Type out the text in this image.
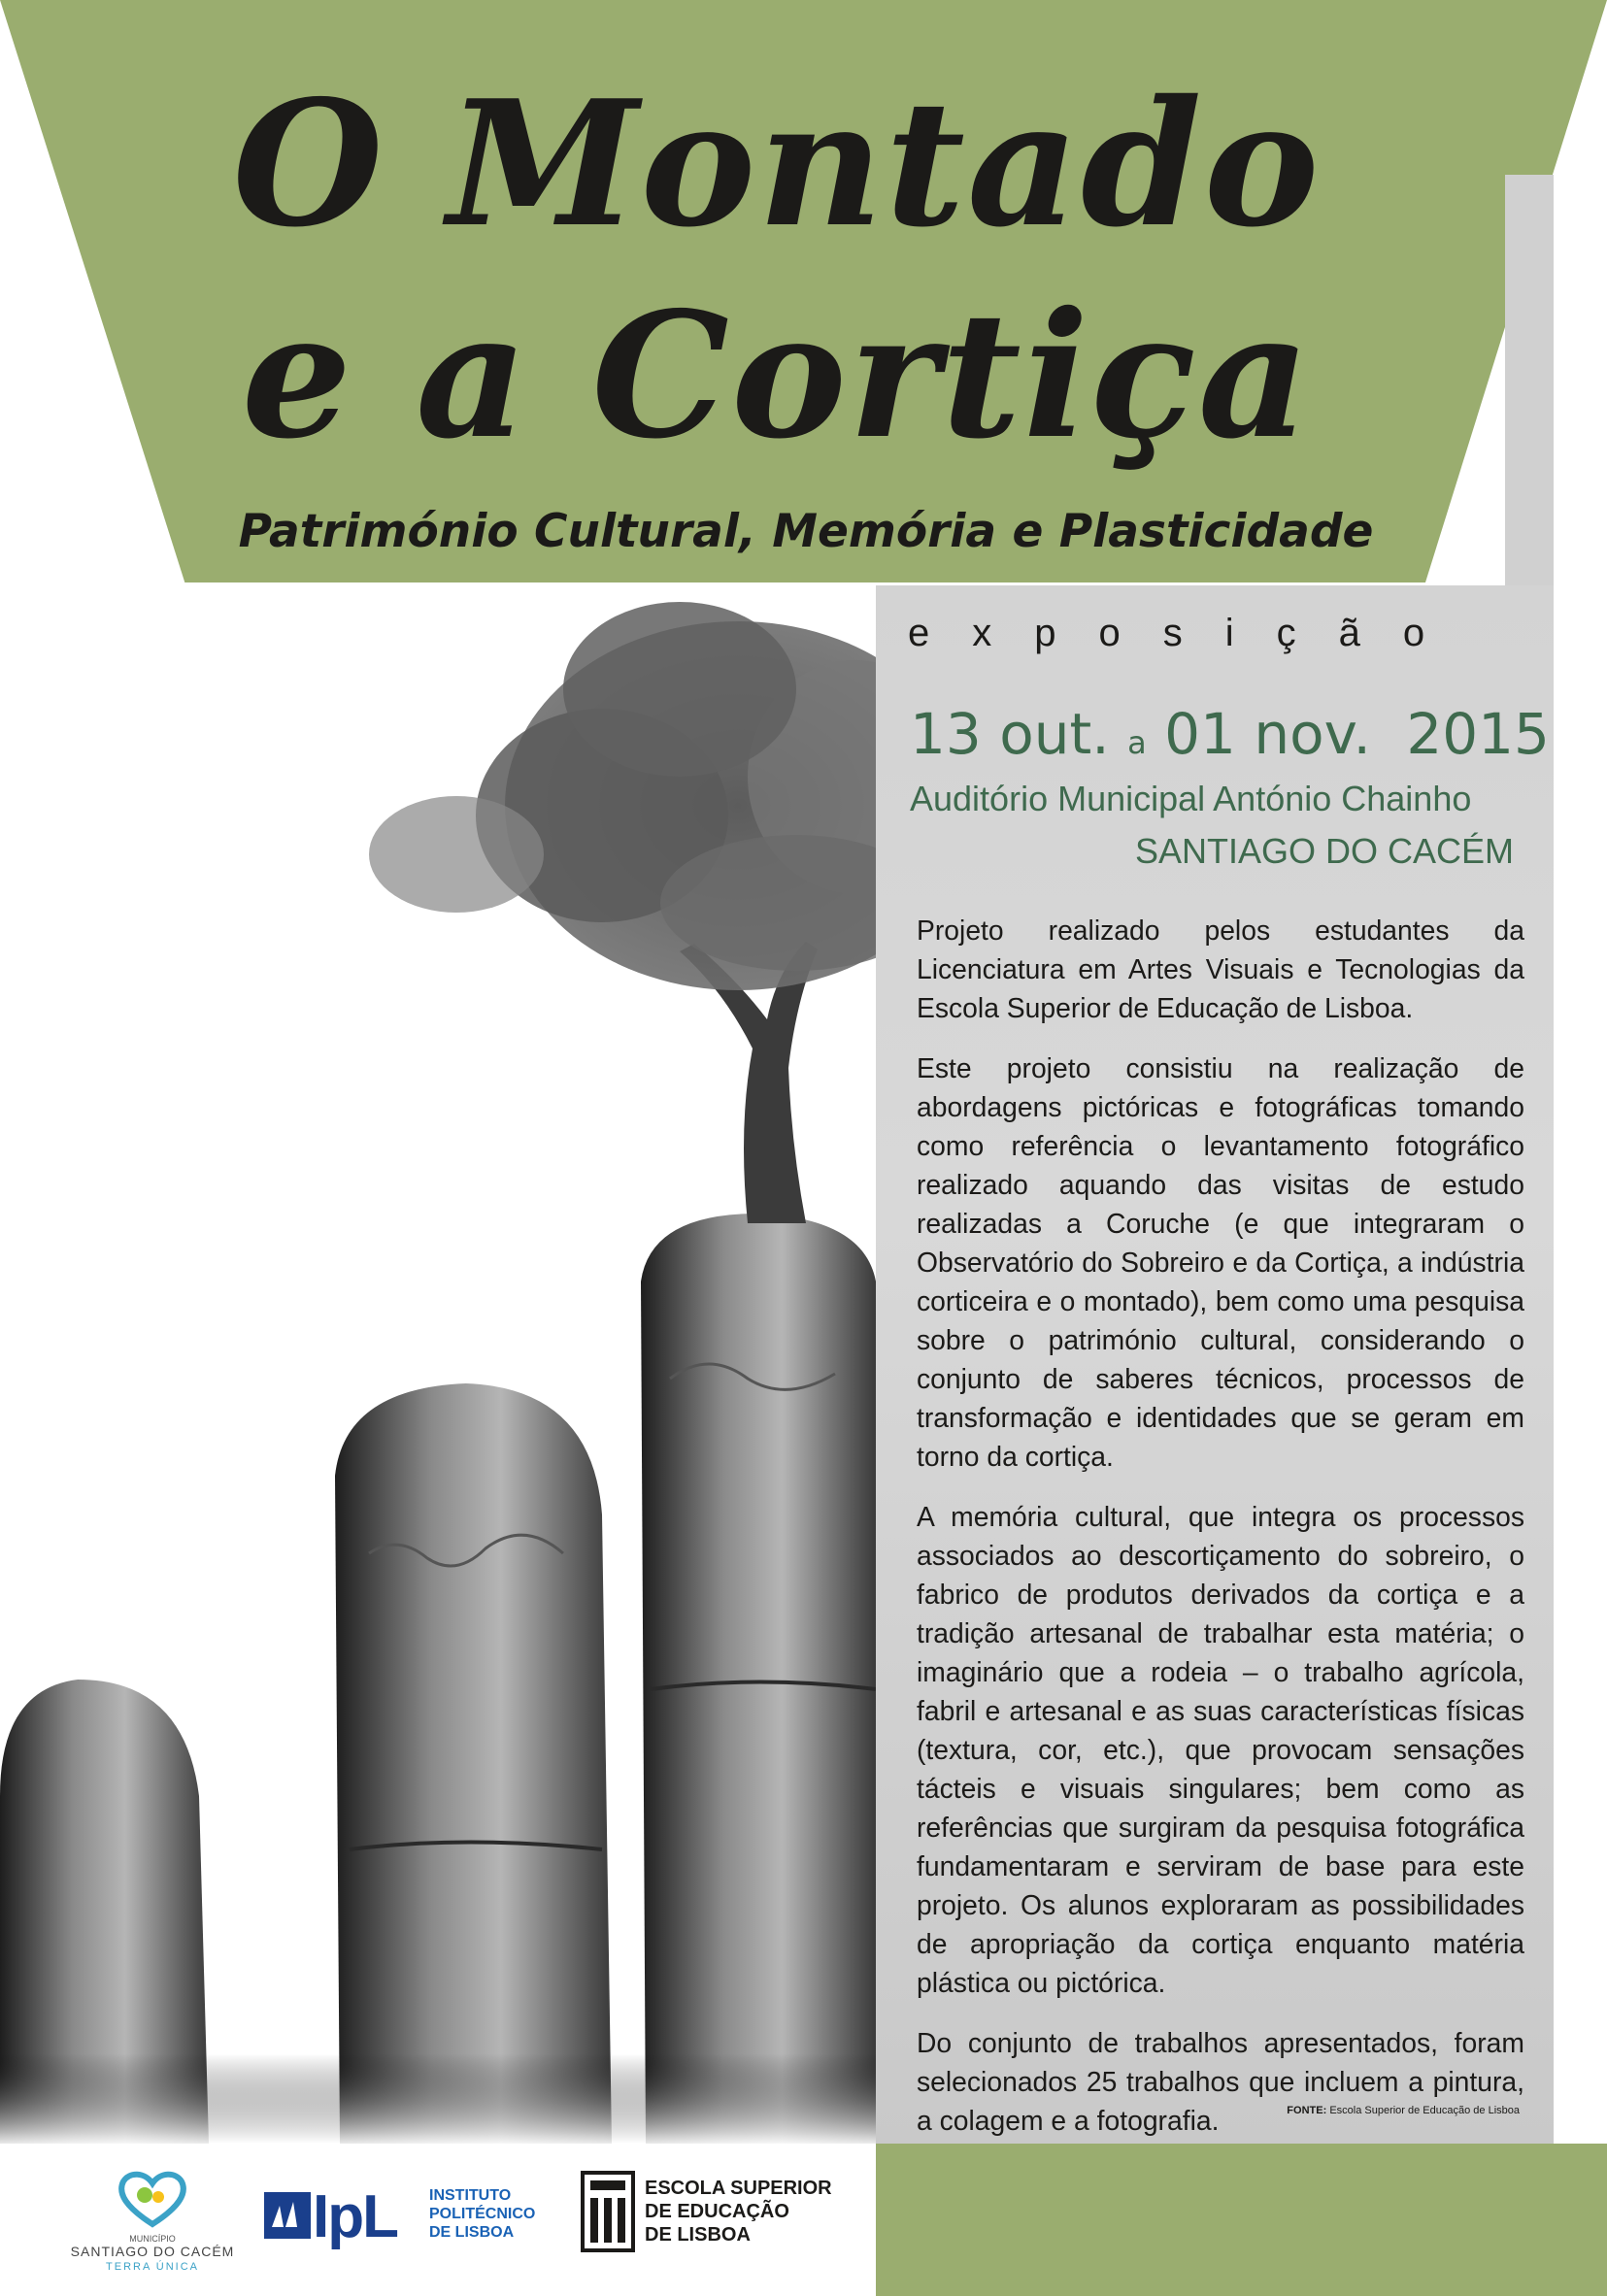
O Montado
e a Cortiça
Património Cultural, Memória e Plasticidade
exposição
13 out. a 01 nov. 2015
Auditório Municipal António Chainho
SANTIAGO DO CACÉM

Projeto realizado pelos estudantes da Licenciatura em Artes Visuais e Tecnologias da Escola Superior de Educação de Lisboa.

Este projeto consistiu na realização de abordagens pictóricas e fotográficas tomando como referência o levantamento fotográfico realizado aquando das visitas de estudo realizadas a Coruche (e que integraram o Observatório do Sobreiro e da Cortiça, a indústria corticeira e o montado), bem como uma pesquisa sobre o património cultural, considerando o conjunto de saberes técnicos, processos de transformação e identidades que se geram em torno da cortiça.

A memória cultural, que integra os processos associados ao descortiçamento do sobreiro, o fabrico de produtos derivados da cortiça e a tradição artesanal de trabalhar esta matéria; o imaginário que a rodeia – o trabalho agrícola, fabril e artesanal e as suas características físicas (textura, cor, etc.), que provocam sensações tácteis e visuais singulares; bem como as referências que surgiram da pesquisa fotográfica fundamentaram e serviram de base para este projeto. Os alunos exploraram as possibilidades de apropriação da cortiça enquanto matéria plástica ou pictórica.

Do conjunto de trabalhos apresentados, foram selecionados 25 trabalhos que incluem a pintura, a colagem e a fotografia.	FONTE: Escola Superior de Educação de Lisboa
MUNICÍPIO
SANTIAGO DO CACÉM
TERRA ÚNICA
IpL INSTITUTO
POLITÉCNICO
DE LISBOA
ESCOLA SUPERIOR
DE EDUCAÇÃO
DE LISBOA
